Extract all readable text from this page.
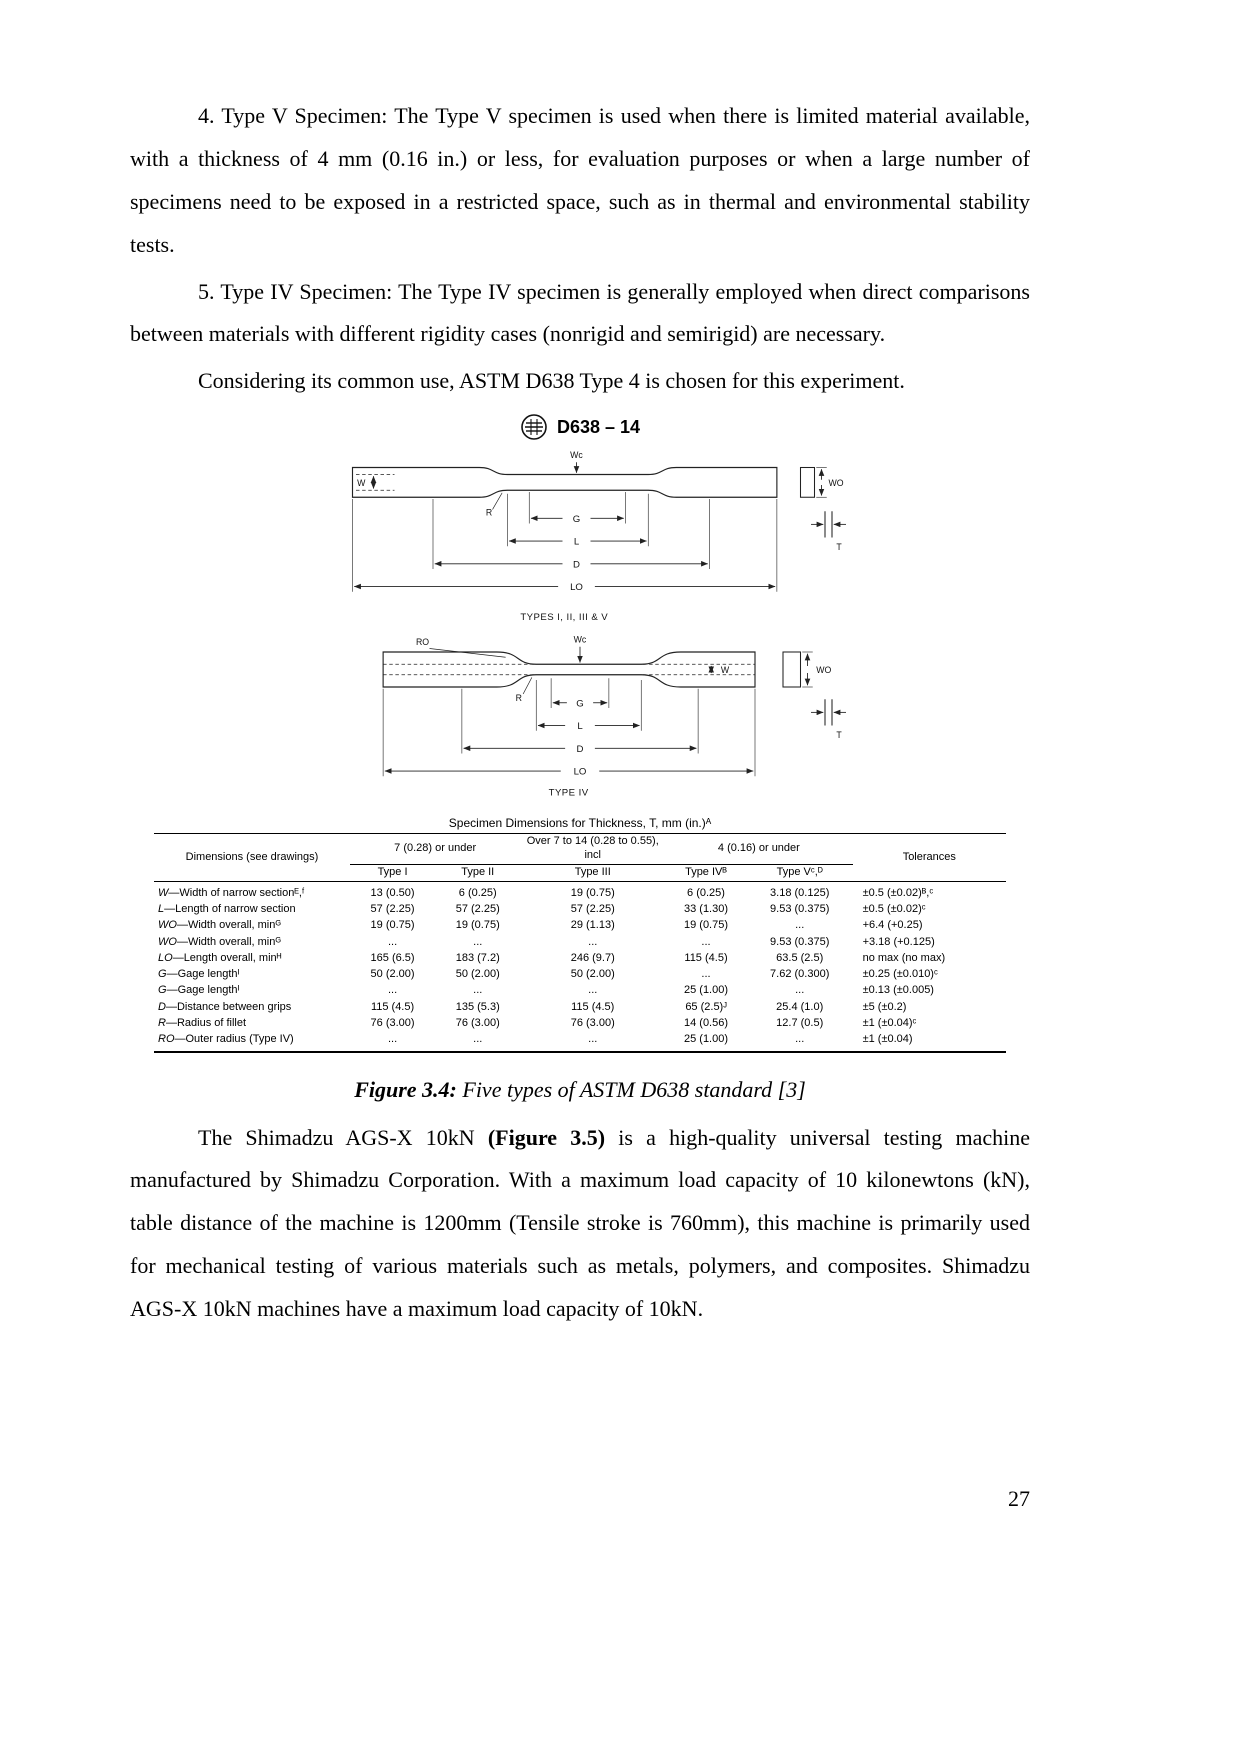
4. Type V Specimen: The Type V specimen is used when there is limited material available, with a thickness of 4 mm (0.16 in.) or less, for evaluation purposes or when a large number of specimens need to be exposed in a restricted space, such as in thermal and environmental stability tests.

5. Type IV Specimen: The Type IV specimen is generally employed when direct comparisons between materials with different rigidity cases (nonrigid and semirigid) are necessary.

Considering its common use, ASTM D638 Type 4 is chosen for this experiment.

D638 – 14
W
Wc
R
G
L
D
LO
WO
T
TYPES I, II, III & V
RO	Wc
W
R
G
L
D
LO
WO
T
TYPE IV
Specimen Dimensions for Thickness, T, mm (in.)ᴬ
Dimensions (see drawings)	7 (0.28) or under		Over 7 to 14 (0.28 to 0.55), incl	4 (0.16) or under		Tolerances
	Type I	Type II	Type III	Type IVᴮ	Type Vᶜ,ᴰ	
W—Width of narrow sectionᴱ,ᶠ	13 (0.50)	6 (0.25)	19 (0.75)	6 (0.25)	3.18 (0.125)	±0.5 (±0.02)ᴮ,ᶜ
L—Length of narrow section	57 (2.25)	57 (2.25)	57 (2.25)	33 (1.30)	9.53 (0.375)	±0.5 (±0.02)ᶜ
WO—Width overall, minᴳ	19 (0.75)	19 (0.75)	29 (1.13)	19 (0.75)	...	+6.4 (+0.25)
WO—Width overall, minᴳ	...	...	...	...	9.53 (0.375)	+3.18 (+0.125)
LO—Length overall, minᴴ	165 (6.5)	183 (7.2)	246 (9.7)	115 (4.5)	63.5 (2.5)	no max (no max)
G—Gage lengthᴵ	50 (2.00)	50 (2.00)	50 (2.00)	...	7.62 (0.300)	±0.25 (±0.010)ᶜ
G—Gage lengthᴵ	...	...	...	25 (1.00)	...	±0.13 (±0.005)
D—Distance between grips	115 (4.5)	135 (5.3)	115 (4.5)	65 (2.5)ᴶ	25.4 (1.0)	±5 (±0.2)
R—Radius of fillet	76 (3.00)	76 (3.00)	76 (3.00)	14 (0.56)	12.7 (0.5)	±1 (±0.04)ᶜ
RO—Outer radius (Type IV)	...	...	...	25 (1.00)	...	±1 (±0.04)
Figure 3.4: Five types of ASTM D638 standard [3]

The Shimadzu AGS-X 10kN (Figure 3.5) is a high-quality universal testing machine manufactured by Shimadzu Corporation. With a maximum load capacity of 10 kilonewtons (kN), table distance of the machine is 1200mm (Tensile stroke is 760mm), this machine is primarily used for mechanical testing of various materials such as metals, polymers, and composites. Shimadzu AGS-X 10kN machines have a maximum load capacity of 10kN.

27
